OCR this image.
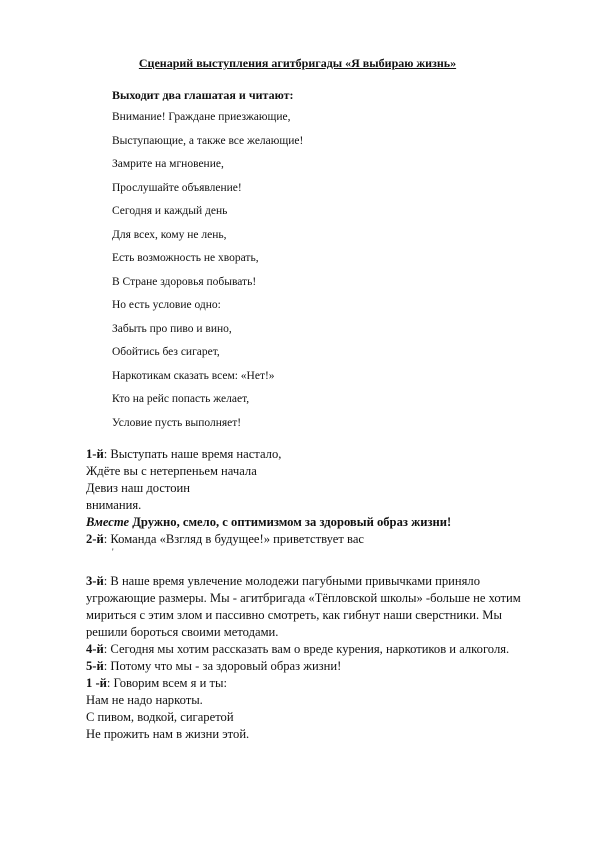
Сценарий выступления агитбригады «Я выбираю жизнь»
Выходит два глашатая и читают:
Внимание! Граждане приезжающие,
Выступающие, а также все желающие!
Замрите на мгновение,
Прослушайте объявление!
Сегодня и каждый день
Для всех, кому не лень,
Есть возможность не хворать,
В Стране здоровья побывать!
Но есть условие одно:
Забыть про пиво и вино,
Обойтись без сигарет,
Наркотикам сказать всем: «Нет!»
Кто на рейс попасть желает,
Условие пусть выполняет!

1-й: Выступать наше время настало,

Ждёте вы с нетерпеньем начала

Девиз наш достоин

внимания.

Вместе Дружно, смело, с оптимизмом за здоровый образ жизни!

2-й: Команда «Взгляд в будущее!» приветствует вас

'

3-й: В наше время увлечение молодежи пагубными привычками приняло угрожающие размеры. Мы - агитбригада «Тёпловской школы» -больше не хотим мириться с этим злом и пассивно смотреть, как гибнут наши сверстники. Мы решили бороться своими методами.

4-й: Сегодня мы хотим рассказать вам о вреде курения, наркотиков и алкоголя.

5-й: Потому что мы - за здоровый образ жизни!

1 -й: Говорим всем я и ты:

Нам не надо наркоты.

С пивом, водкой, сигаретой

Не прожить нам в жизни этой.
